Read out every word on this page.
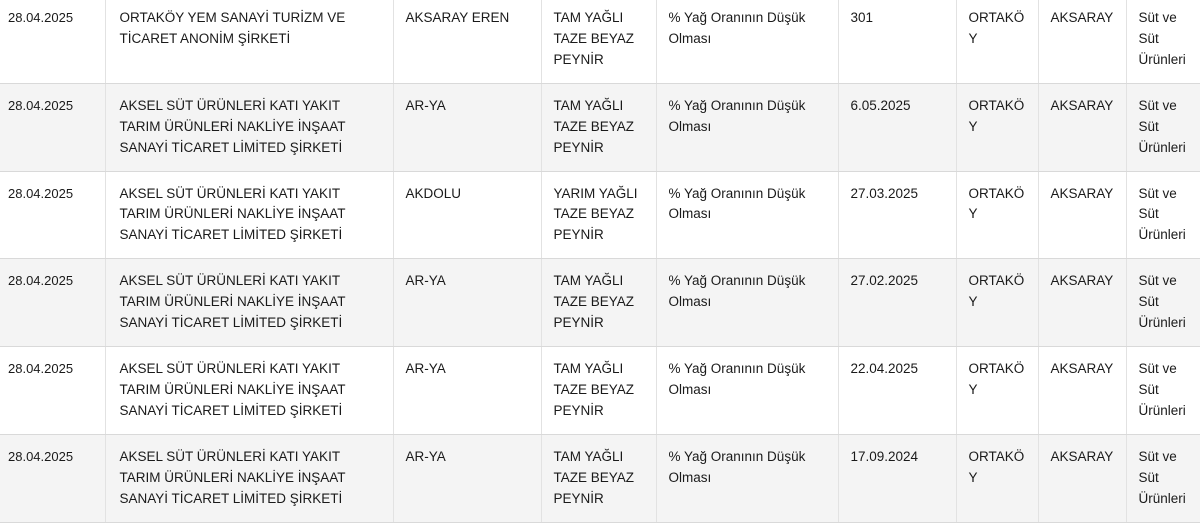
28.04.2025	ORTAKÖY YEM SANAYİ TURİZM VE TİCARET ANONİM ŞİRKETİ	AKSARAY EREN	TAM YAĞLI TAZE BEYAZ PEYNİR	% Yağ Oranının Düşük Olması	301	ORTAKÖY	AKSARAY	Süt ve Süt Ürünleri
28.04.2025	AKSEL SÜT ÜRÜNLERİ KATI YAKIT TARIM ÜRÜNLERİ NAKLİYE İNŞAAT SANAYİ TİCARET LİMİTED ŞİRKETİ	AR-YA	TAM YAĞLI TAZE BEYAZ PEYNİR	% Yağ Oranının Düşük Olması	6.05.2025	ORTAKÖY	AKSARAY	Süt ve Süt Ürünleri
28.04.2025	AKSEL SÜT ÜRÜNLERİ KATI YAKIT TARIM ÜRÜNLERİ NAKLİYE İNŞAAT SANAYİ TİCARET LİMİTED ŞİRKETİ	AKDOLU	YARIM YAĞLI TAZE BEYAZ PEYNİR	% Yağ Oranının Düşük Olması	27.03.2025	ORTAKÖY	AKSARAY	Süt ve Süt Ürünleri
28.04.2025	AKSEL SÜT ÜRÜNLERİ KATI YAKIT TARIM ÜRÜNLERİ NAKLİYE İNŞAAT SANAYİ TİCARET LİMİTED ŞİRKETİ	AR-YA	TAM YAĞLI TAZE BEYAZ PEYNİR	% Yağ Oranının Düşük Olması	27.02.2025	ORTAKÖY	AKSARAY	Süt ve Süt Ürünleri
28.04.2025	AKSEL SÜT ÜRÜNLERİ KATI YAKIT TARIM ÜRÜNLERİ NAKLİYE İNŞAAT SANAYİ TİCARET LİMİTED ŞİRKETİ	AR-YA	TAM YAĞLI TAZE BEYAZ PEYNİR	% Yağ Oranının Düşük Olması	22.04.2025	ORTAKÖY	AKSARAY	Süt ve Süt Ürünleri
28.04.2025	AKSEL SÜT ÜRÜNLERİ KATI YAKIT TARIM ÜRÜNLERİ NAKLİYE İNŞAAT SANAYİ TİCARET LİMİTED ŞİRKETİ	AR-YA	TAM YAĞLI TAZE BEYAZ PEYNİR	% Yağ Oranının Düşük Olması	17.09.2024	ORTAKÖY	AKSARAY	Süt ve Süt Ürünleri
